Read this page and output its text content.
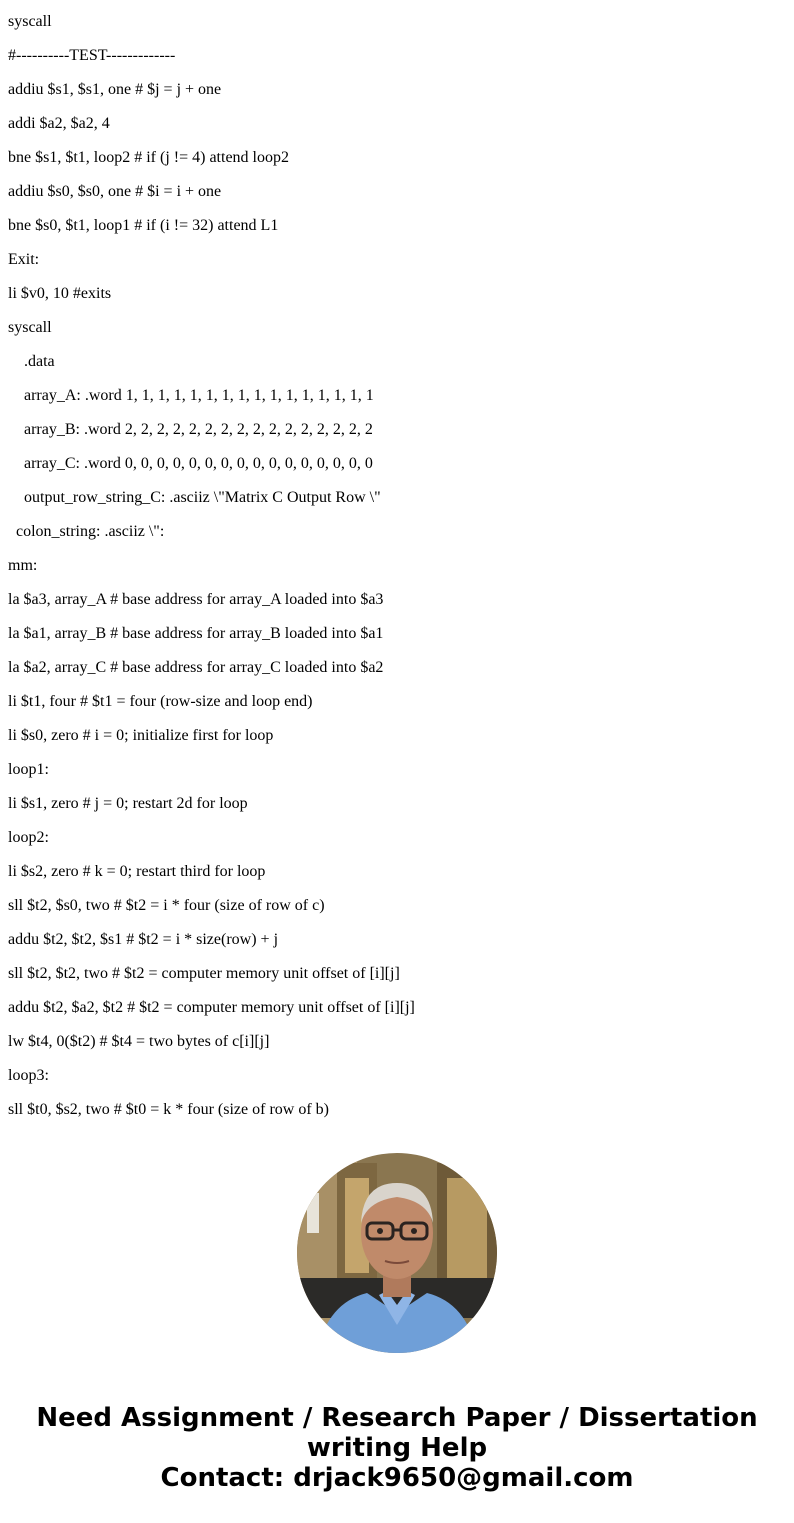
syscall
#----------TEST-------------
addiu $s1, $s1, one # $j = j + one
addi $a2, $a2, 4
bne $s1, $t1, loop2 # if (j != 4) attend loop2
addiu $s0, $s0, one # $i = i + one
bne $s0, $t1, loop1 # if (i != 32) attend L1
Exit:
li $v0, 10 #exits
syscall
.data
array_A: .word 1, 1, 1, 1, 1, 1, 1, 1, 1, 1, 1, 1, 1, 1, 1, 1
array_B: .word 2, 2, 2, 2, 2, 2, 2, 2, 2, 2, 2, 2, 2, 2, 2, 2
array_C: .word 0, 0, 0, 0, 0, 0, 0, 0, 0, 0, 0, 0, 0, 0, 0, 0
output_row_string_C: .asciiz \"Matrix C Output Row \"
colon_string: .asciiz \":
mm:
la $a3, array_A # base address for array_A loaded into $a3
la $a1, array_B # base address for array_B loaded into $a1
la $a2, array_C # base address for array_C loaded into $a2
li $t1, four # $t1 = four (row-size and loop end)
li $s0, zero # i = 0; initialize first for loop
loop1:
li $s1, zero # j = 0; restart 2d for loop
loop2:
li $s2, zero # k = 0; restart third for loop
sll $t2, $s0, two # $t2 = i * four (size of row of c)
addu $t2, $t2, $s1 # $t2 = i * size(row) + j
sll $t2, $t2, two # $t2 = computer memory unit offset of [i][j]
addu $t2, $a2, $t2 # $t2 = computer memory unit offset of [i][j]
lw $t4, 0($t2) # $t4 = two bytes of c[i][j]
loop3:
sll $t0, $s2, two # $t0 = k * four (size of row of b)
Need Assignment / Research Paper / Dissertation
writing Help
Contact: drjack9650@gmail.com
